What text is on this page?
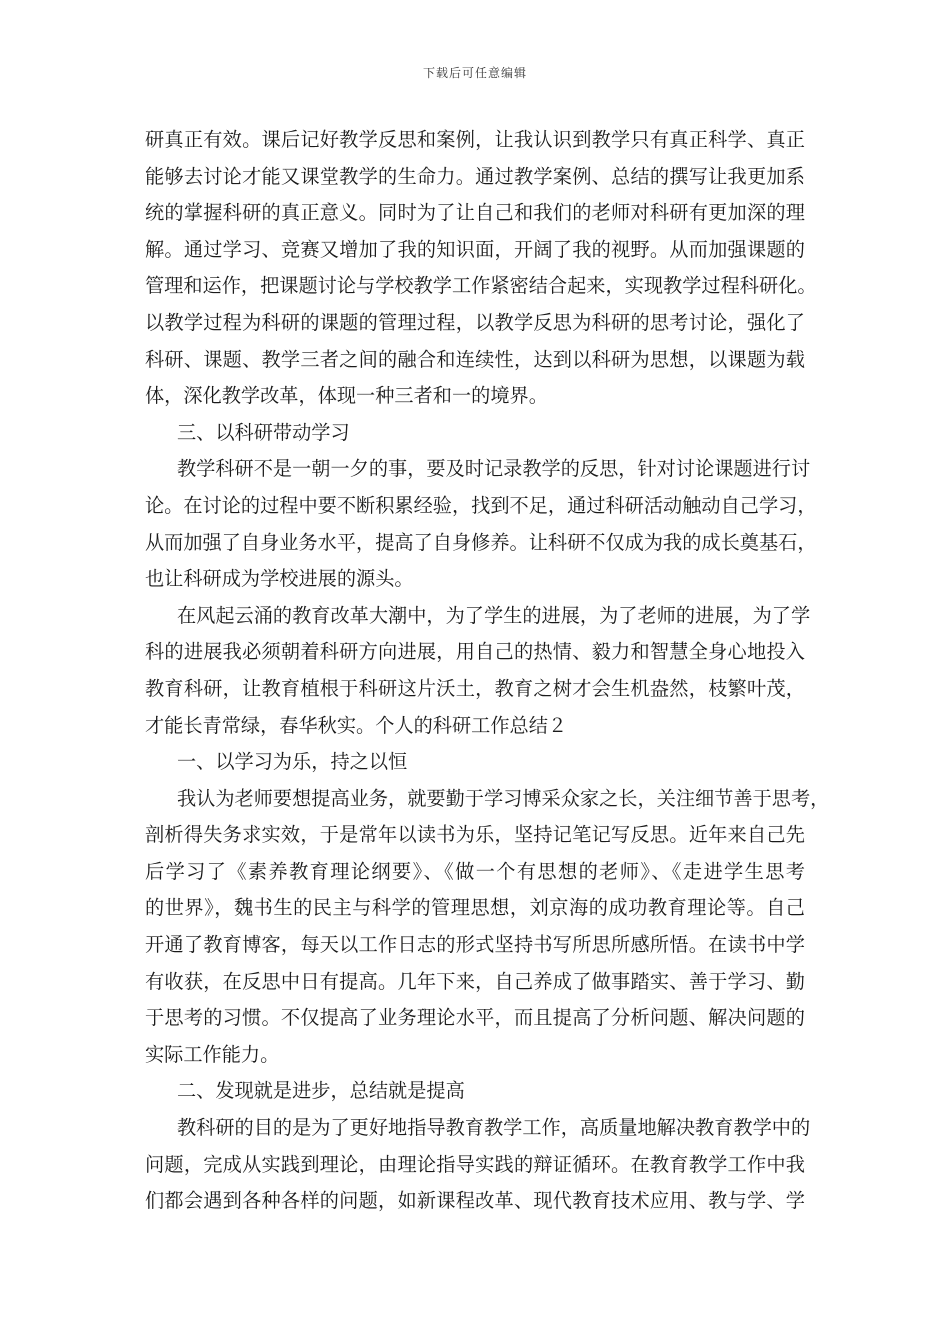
下载后可任意编辑
研真正有效。课后记好教学反思和案例，让我认识到教学只有真正科学、真正
能够去讨论才能又课堂教学的生命力。通过教学案例、总结的撰写让我更加系
统的掌握科研的真正意义。同时为了让自己和我们的老师对科研有更加深的理
解。通过学习、竞赛又增加了我的知识面，开阔了我的视野。从而加强课题的
管理和运作，把课题讨论与学校教学工作紧密结合起来，实现教学过程科研化。
以教学过程为科研的课题的管理过程，以教学反思为科研的思考讨论，强化了
科研、课题、教学三者之间的融合和连续性，达到以科研为思想，以课题为载
体，深化教学改革，体现一种三者和一的境界。
三、以科研带动学习
教学科研不是一朝一夕的事，要及时记录教学的反思，针对讨论课题进行讨
论。在讨论的过程中要不断积累经验，找到不足，通过科研活动触动自己学习，
从而加强了自身业务水平，提高了自身修养。让科研不仅成为我的成长奠基石，
也让科研成为学校进展的源头。
在风起云涌的教育改革大潮中，为了学生的进展，为了老师的进展，为了学
科的进展我必须朝着科研方向进展，用自己的热情、毅力和智慧全身心地投入
教育科研，让教育植根于科研这片沃土，教育之树才会生机盎然，枝繁叶茂，
才能长青常绿，春华秋实。个人的科研工作总结２
一、以学习为乐，持之以恒
我认为老师要想提高业务，就要勤于学习博采众家之长，关注细节善于思考，
剖析得失务求实效，于是常年以读书为乐，坚持记笔记写反思。近年来自己先
后学习了《素养教育理论纲要》、《做一个有思想的老师》、《走进学生思考
的世界》，魏书生的民主与科学的管理思想，刘京海的成功教育理论等。自己
开通了教育博客，每天以工作日志的形式坚持书写所思所感所悟。在读书中学
有收获，在反思中日有提高。几年下来，自己养成了做事踏实、善于学习、勤
于思考的习惯。不仅提高了业务理论水平，而且提高了分析问题、解决问题的
实际工作能力。
二、发现就是进步，总结就是提高
教科研的目的是为了更好地指导教育教学工作，高质量地解决教育教学中的
问题，完成从实践到理论，由理论指导实践的辩证循环。在教育教学工作中我
们都会遇到各种各样的问题，如新课程改革、现代教育技术应用、教与学、学
